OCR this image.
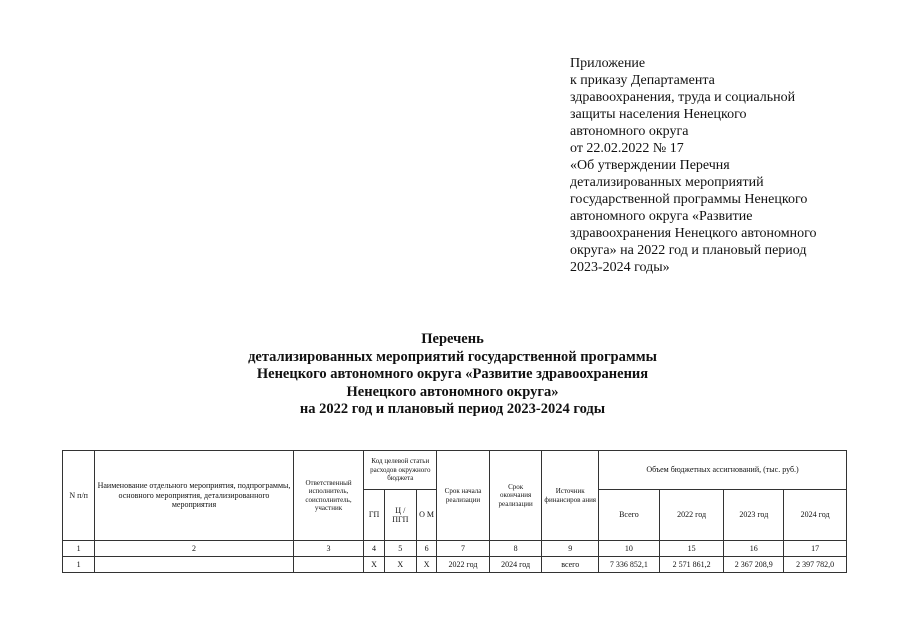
Приложение
к приказу Департамента
здравоохранения, труда и социальной
защиты населения Ненецкого
автономного округа
от 22.02.2022 № 17
«Об утверждении Перечня
детализированных мероприятий
государственной программы Ненецкого
автономного округа «Развитие
здравоохранения Ненецкого автономного
округа» на 2022 год и плановый период
2023-2024 годы»
Перечень
детализированных мероприятий государственной программы
Ненецкого автономного округа «Развитие здравоохранения
Ненецкого автономного округа»
на 2022 год и плановый период 2023-2024 годы
N п/п	Наименование отдельного мероприятия, подпрограммы, основного мероприятия, детализированного мероприятия	Ответственный исполнитель, соисполнитель, участник	Код целевой статьи расходов окружного бюджета			Срок начала реализации	Срок окончания реализации	Источник финансиров ания	Объем бюджетных ассигнований, (тыс. руб.)			
			ГП	Ц / ПГП	О М				Всего	2022 год	2023 год	2024 год
1	2	3	4	5	6	7	8	9	10	15	16	17
1			Х	Х	Х	2022 год	2024 год	всего	7 336 852,1	2 571 861,2	2 367 208,9	2 397 782,0
